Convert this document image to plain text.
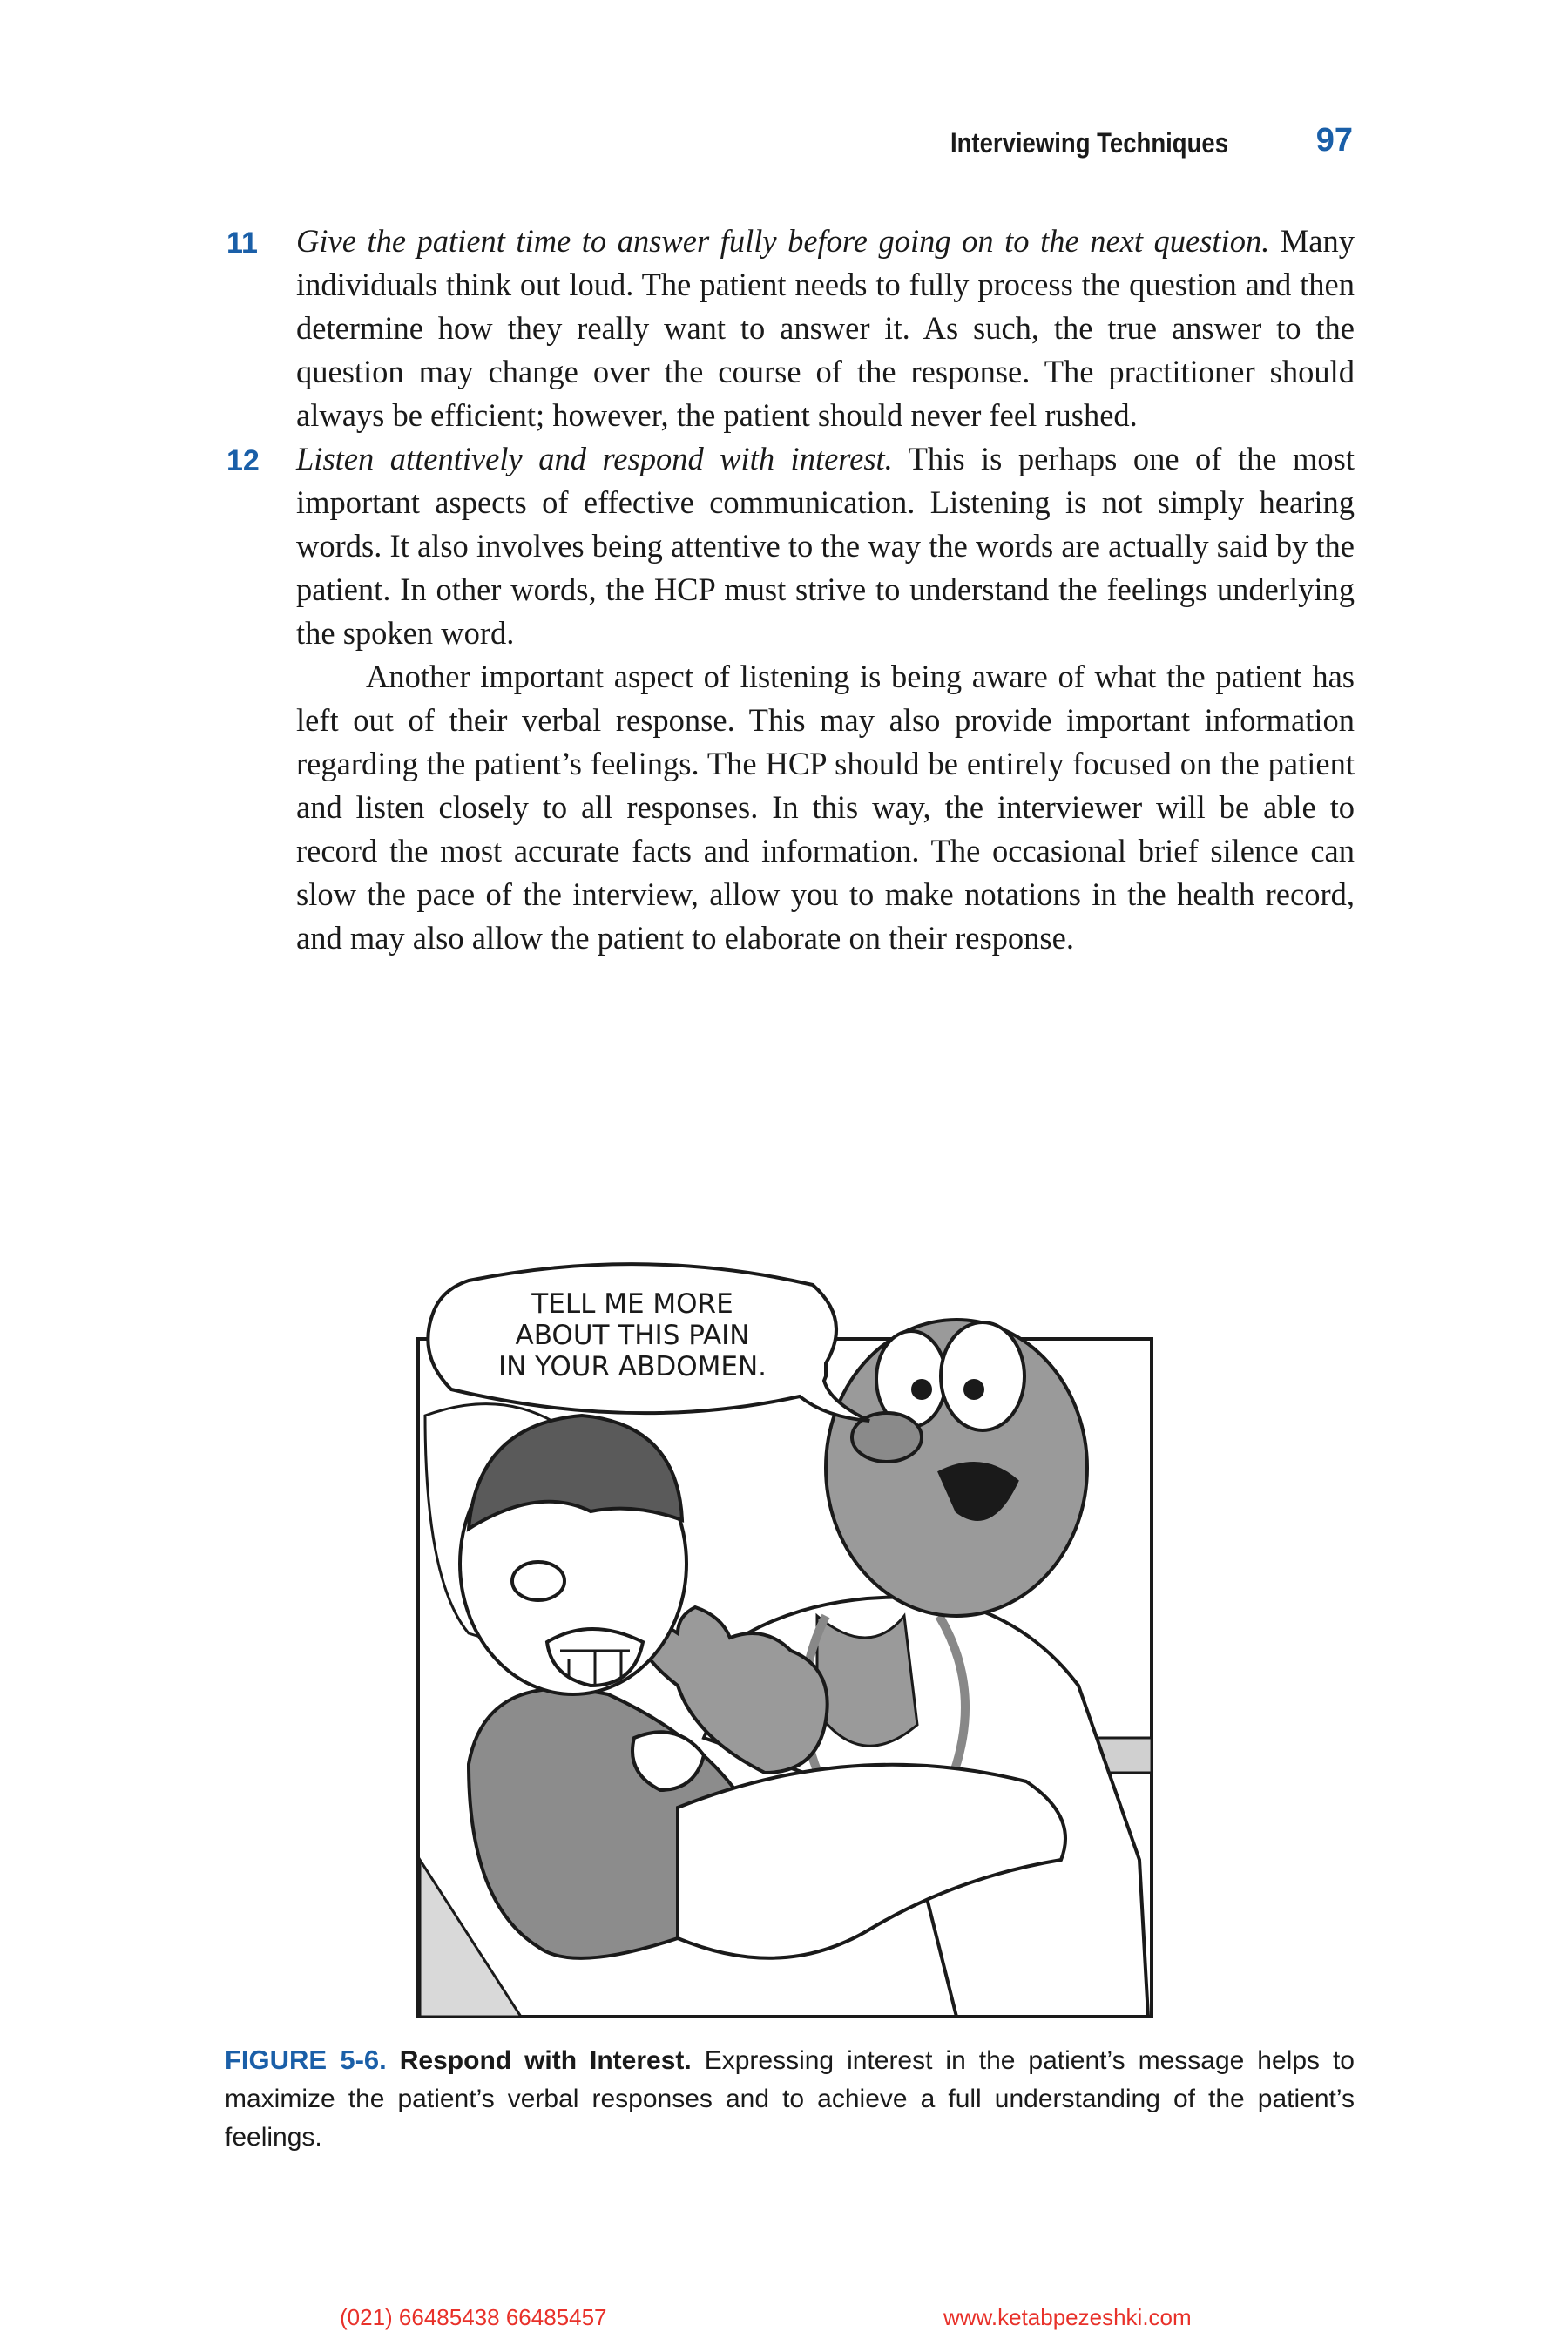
Interviewing Techniques	97

11 Give the patient time to answer fully before going on to the next question. Many individuals think out loud. The patient needs to fully process the question and then determine how they really want to answer it. As such, the true answer to the question may change over the course of the response. The practitioner should always be efficient; however, the patient should never feel rushed.

12 Listen attentively and respond with interest. This is perhaps one of the most important aspects of effective communication. Listening is not simply hearing words. It also involves being attentive to the way the words are actually said by the patient. In other words, the HCP must strive to understand the feelings underlying the spoken word.

Another important aspect of listening is being aware of what the patient has left out of their verbal response. This may also provide important information regarding the patient’s feelings. The HCP should be entirely focused on the patient and listen closely to all responses. In this way, the interviewer will be able to record the most accurate facts and information. The occasional brief silence can slow the pace of the interview, allow you to make notations in the health record, and may also allow the patient to elaborate on their response.

TELL ME MORE
ABOUT THIS PAIN
IN YOUR ABDOMEN.
FIGURE 5-6. Respond with Interest. Expressing interest in the patient’s message helps to maximize the patient’s verbal responses and to achieve a full understanding of the patient’s feelings.
(021) 66485438 66485457	www.ketabpezeshki.com
